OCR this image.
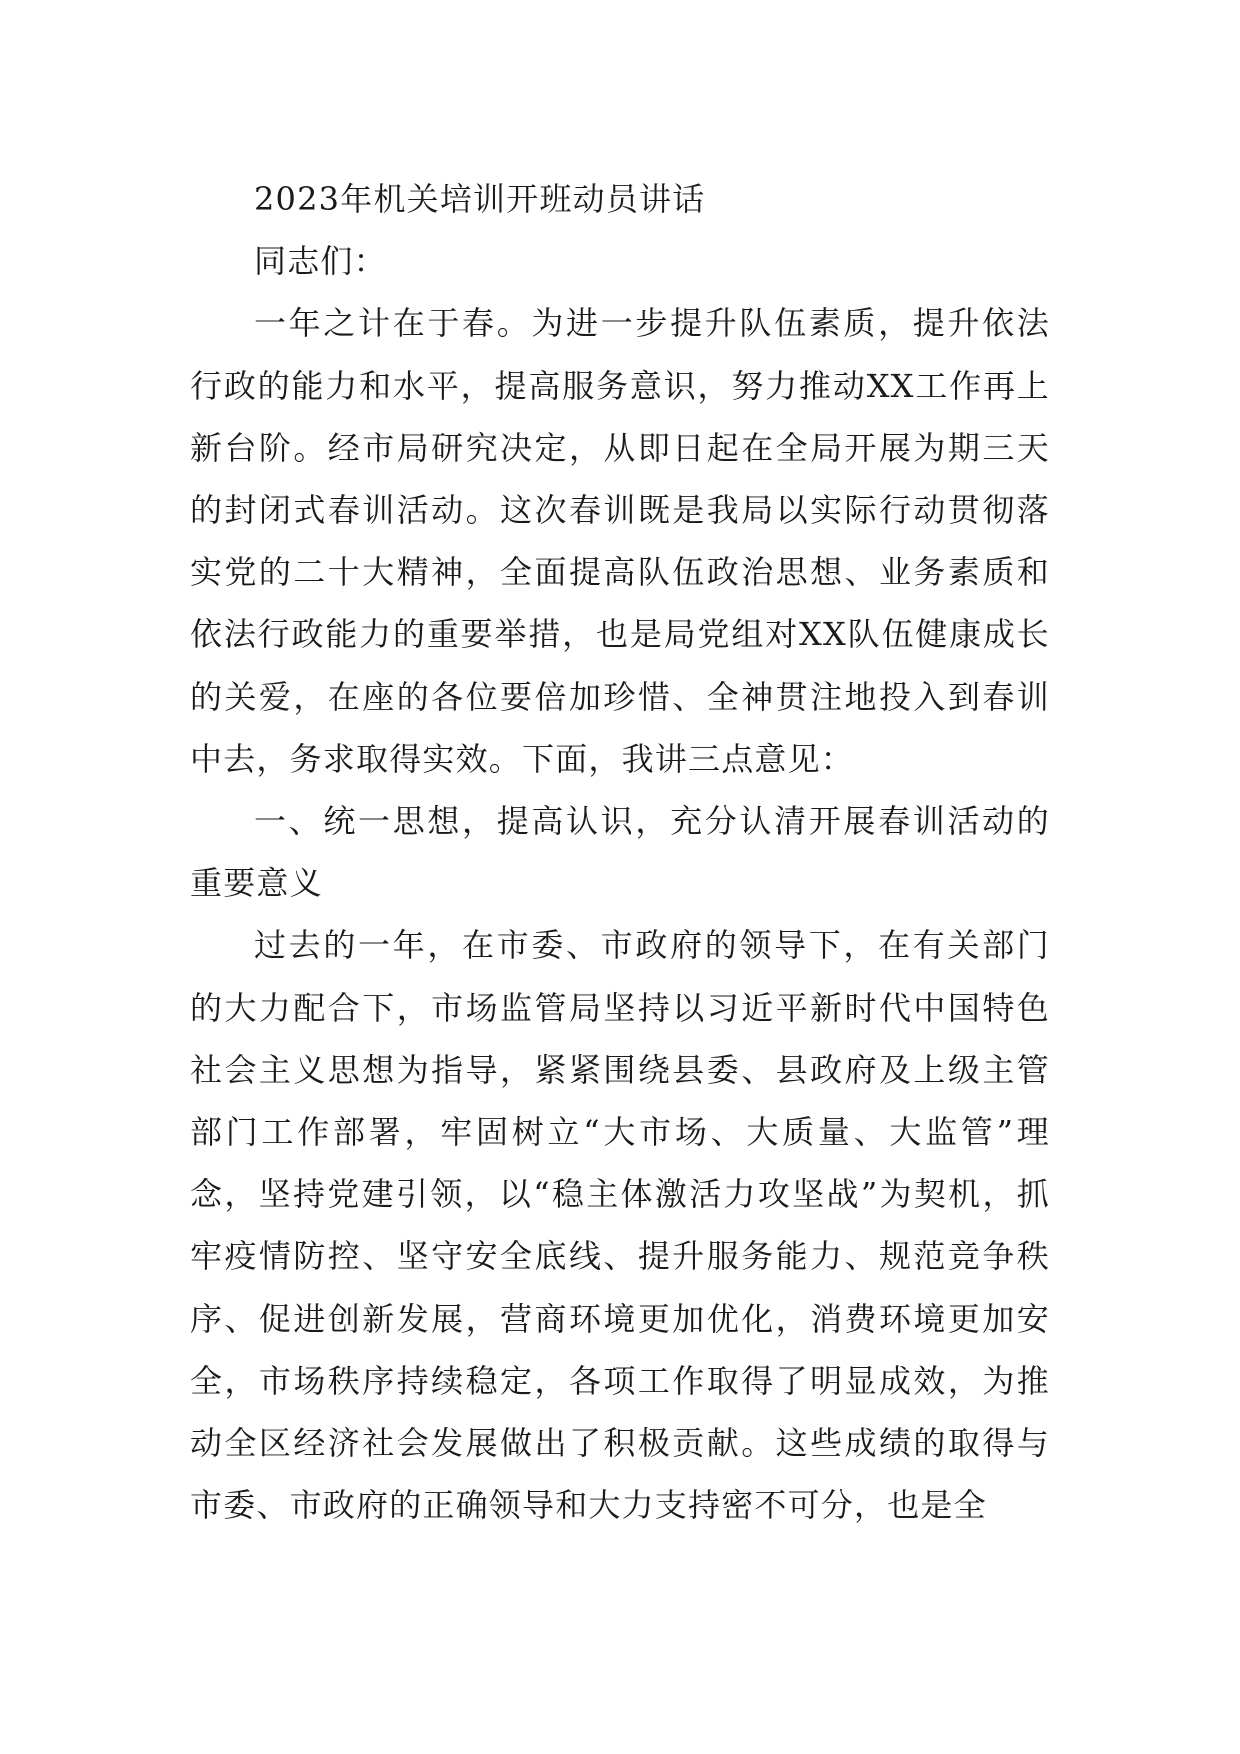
2023年机关培训开班动员讲话

同志们：

一年之计在于春。为进一步提升队伍素质，提升依法行政的能力和水平，提高服务意识，努力推动XX工作再上新台阶。经市局研究决定，从即日起在全局开展为期三天的封闭式春训活动。这次春训既是我局以实际行动贯彻落实党的二十大精神，全面提高队伍政治思想、业务素质和依法行政能力的重要举措，也是局党组对XX队伍健康成长的关爱，在座的各位要倍加珍惜、全神贯注地投入到春训中去，务求取得实效。下面，我讲三点意见：

一、统一思想，提高认识，充分认清开展春训活动的重要意义

过去的一年，在市委、市政府的领导下，在有关部门的大力配合下，市场监管局坚持以习近平新时代中国特色社会主义思想为指导，紧紧围绕县委、县政府及上级主管部门工作部署，牢固树立“大市场、大质量、大监管”理念，坚持党建引领，以“稳主体激活力攻坚战”为契机，抓牢疫情防控、坚守安全底线、提升服务能力、规范竞争秩序、促进创新发展，营商环境更加优化，消费环境更加安全，市场秩序持续稳定，各项工作取得了明显成效，为推动全区经济社会发展做出了积极贡献。这些成绩的取得与市委、市政府的正确领导和大力支持密不可分，也是全
